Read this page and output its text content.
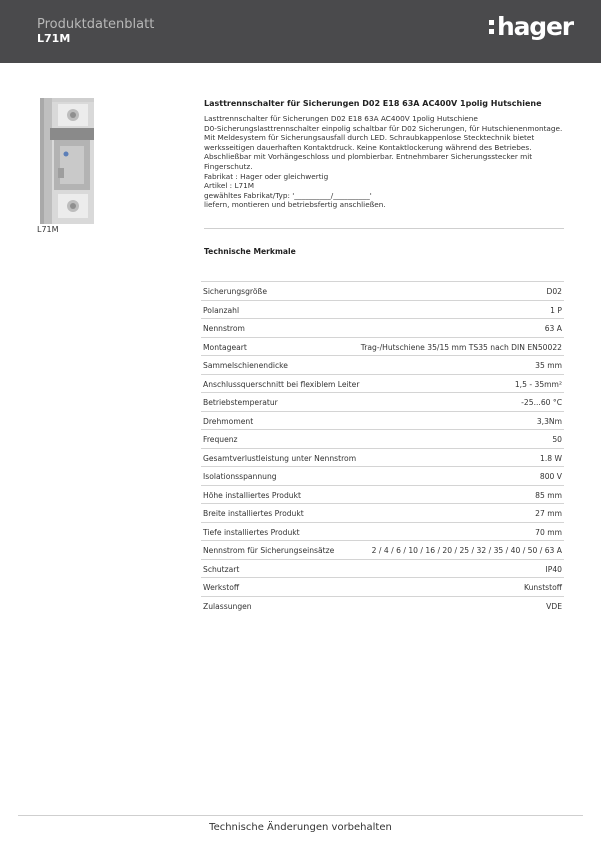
Produktdatenblatt
L71M	hager
L71M
Lasttrennschalter für Sicherungen D02 E18 63A AC400V 1polig Hutschiene
Lasttrennschalter für Sicherungen D02 E18 63A AC400V 1polig Hutschiene
D0-Sicherungslasttrennschalter einpolig schaltbar für D02 Sicherungen, für Hutschienenmontage.
Mit Meldesystem für Sicherungsausfall durch LED. Schraubkappenlose Stecktechnik bietet
werksseitigen dauerhaften Kontaktdruck. Keine Kontaktlockerung während des Betriebes.
Abschließbar mit Vorhängeschloss und plombierbar. Entnehmbarer Sicherungsstecker mit
Fingerschutz.
Fabrikat : Hager oder gleichwertig
Artikel : L71M
gewähltes Fabrikat/Typ: '__________/__________'
liefern, montieren und betriebsfertig anschließen.
Technische Merkmale
Sicherungsgröße	D02
Polanzahl	1 P
Nennstrom	63 A
Montageart	Trag-/Hutschiene 35/15 mm TS35 nach DIN EN50022
Sammelschienendicke	35 mm
Anschlussquerschnitt bei flexiblem Leiter	1,5 - 35mm²
Betriebstemperatur	-25...60 °C
Drehmoment	3,3Nm
Frequenz	50
Gesamtverlustleistung unter Nennstrom	1.8 W
Isolationsspannung	800 V
Höhe installiertes Produkt	85 mm
Breite installiertes Produkt	27 mm
Tiefe installiertes Produkt	70 mm
Nennstrom für Sicherungseinsätze	2 / 4 / 6 / 10 / 16 / 20 / 25 / 32 / 35 / 40 / 50 / 63 A
Schutzart	IP40
Werkstoff	Kunststoff
Zulassungen	VDE
Technische Änderungen vorbehalten
